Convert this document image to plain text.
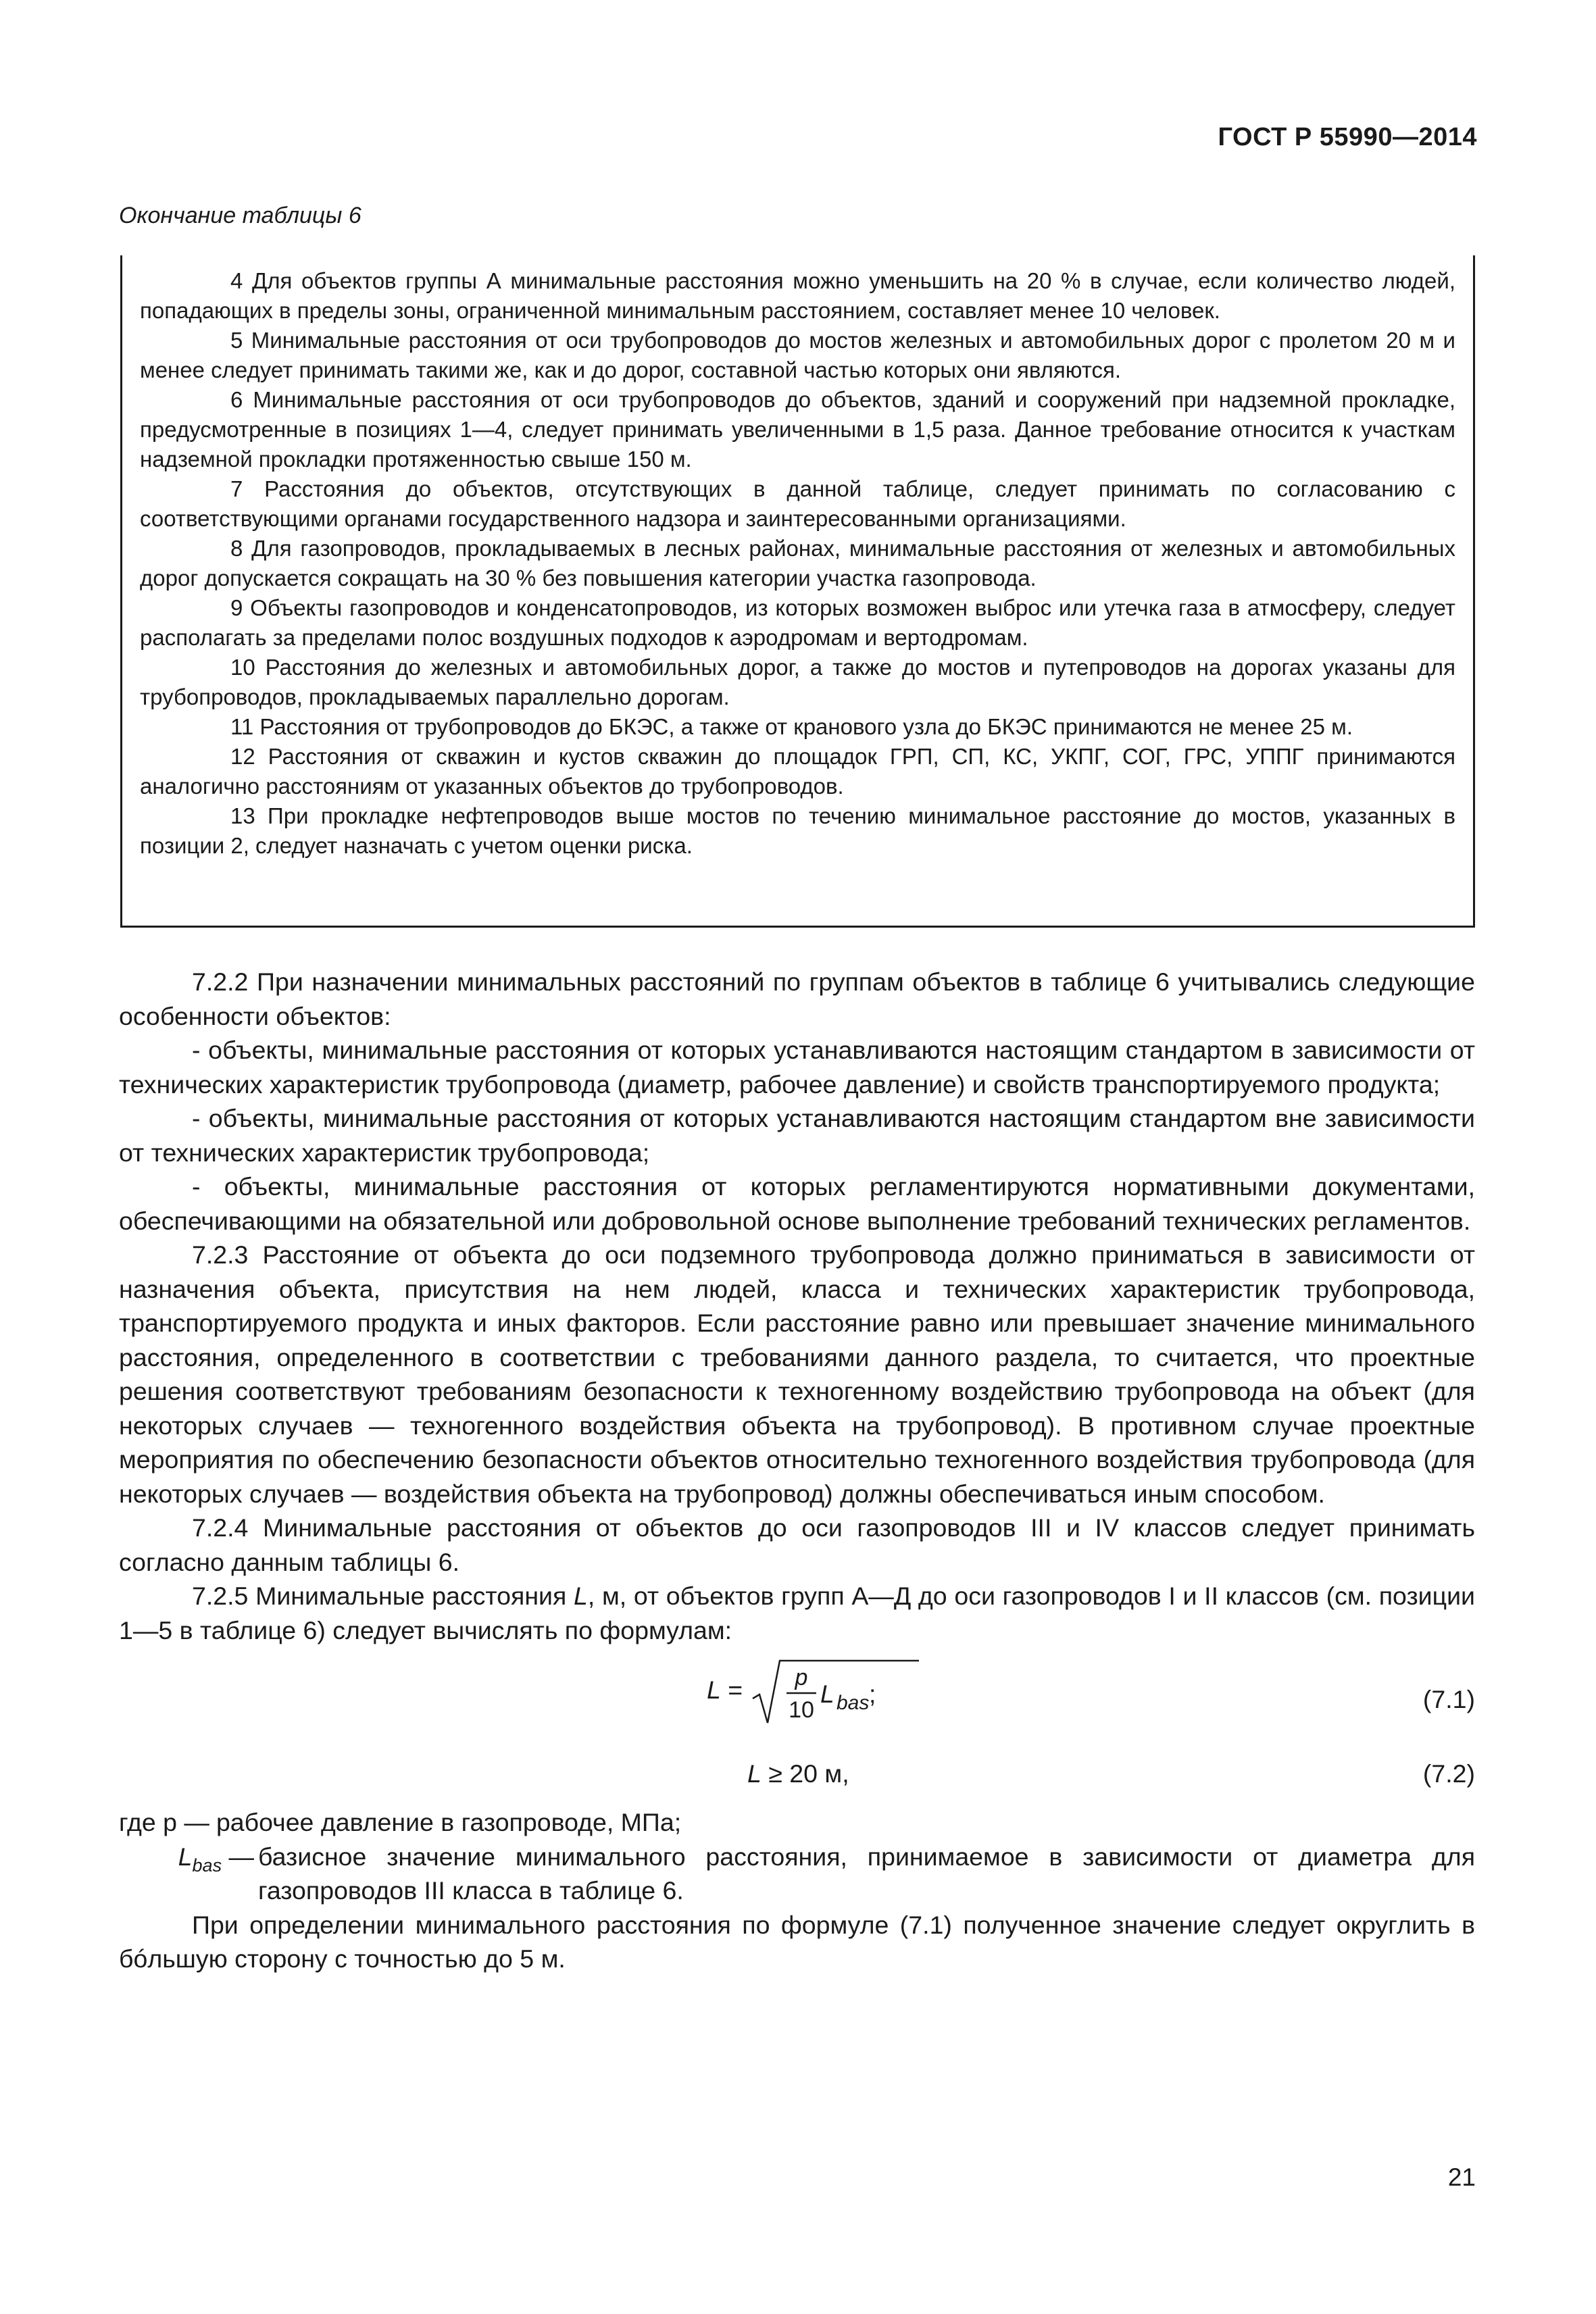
ГОСТ Р 55990—2014
Окончание таблицы 6

4 Для объектов группы А минимальные расстояния можно уменьшить на 20 % в случае, если количество людей, попадающих в пределы зоны, ограниченной минимальным расстоянием, составляет менее 10 человек.

5 Минимальные расстояния от оси трубопроводов до мостов железных и автомобильных дорог с пролетом 20 м и менее следует принимать такими же, как и до дорог, составной частью которых они являются.

6 Минимальные расстояния от оси трубопроводов до объектов, зданий и сооружений при надземной прокладке, предусмотренные в позициях 1—4, следует принимать увеличенными в 1,5 раза. Данное требование относится к участкам надземной прокладки протяженностью свыше 150 м.

7 Расстояния до объектов, отсутствующих в данной таблице, следует принимать по согласованию с соответствующими органами государственного надзора и заинтересованными организациями.

8 Для газопроводов, прокладываемых в лесных районах, минимальные расстояния от железных и автомобильных дорог допускается сокращать на 30 % без повышения категории участка газопровода.

9 Объекты газопроводов и конденсатопроводов, из которых возможен выброс или утечка газа в атмосферу, следует располагать за пределами полос воздушных подходов к аэродромам и вертодромам.

10 Расстояния до железных и автомобильных дорог, а также до мостов и путепроводов на дорогах указаны для трубопроводов, прокладываемых параллельно дорогам.

11 Расстояния от трубопроводов до БКЭС, а также от кранового узла до БКЭС принимаются не менее 25 м.

12 Расстояния от скважин и кустов скважин до площадок ГРП, СП, КС, УКПГ, СОГ, ГРС, УППГ принимаются аналогично расстояниям от указанных объектов до трубопроводов.

13 При прокладке нефтепроводов выше мостов по течению минимальное расстояние до мостов, указанных в позиции 2, следует назначать с учетом оценки риска.

7.2.2 При назначении минимальных расстояний по группам объектов в таблице 6 учитывались следующие особенности объектов:

- объекты, минимальные расстояния от которых устанавливаются настоящим стандартом в зависимости от технических характеристик трубопровода (диаметр, рабочее давление) и свойств транспортируемого продукта;

- объекты, минимальные расстояния от которых устанавливаются настоящим стандартом вне зависимости от технических характеристик трубопровода;

- объекты, минимальные расстояния от которых регламентируются нормативными документами, обеспечивающими на обязательной или добровольной основе выполнение требований технических регламентов.

7.2.3 Расстояние от объекта до оси подземного трубопровода должно приниматься в зависимости от назначения объекта, присутствия на нем людей, класса и технических характеристик трубопровода, транспортируемого продукта и иных факторов. Если расстояние равно или превышает значение минимального расстояния, определенного в соответствии с требованиями данного раздела, то считается, что проектные решения соответствуют требованиям безопасности к техногенному воздействию трубопровода на объект (для некоторых случаев — техногенного воздействия объекта на трубопровод). В противном случае проектные мероприятия по обеспечению безопасности объектов относительно техногенного воздействия трубопровода (для некоторых случаев — воздействия объекта на трубопровод) должны обеспечиваться иным способом.

7.2.4 Минимальные расстояния от объектов до оси газопроводов III и IV классов следует принимать согласно данным таблицы 6.

7.2.5 Минимальные расстояния L, м, от объектов групп А—Д до оси газопроводов I и II классов (см. позиции 1—5 в таблице 6) следует вычислять по формулам:

L = p
10
L bas ;	(7.1)
L ≥ 20 м,	(7.2)
где p — рабочее давление в газопроводе, МПа;
$L_{bas}$ — базисное значение минимального расстояния, принимаемое в зависимости от диаметра для газопроводов III класса в таблице 6.

При определении минимального расстояния по формуле (7.1) полученное значение следует округлить в бóльшую сторону с точностью до 5 м.

21
